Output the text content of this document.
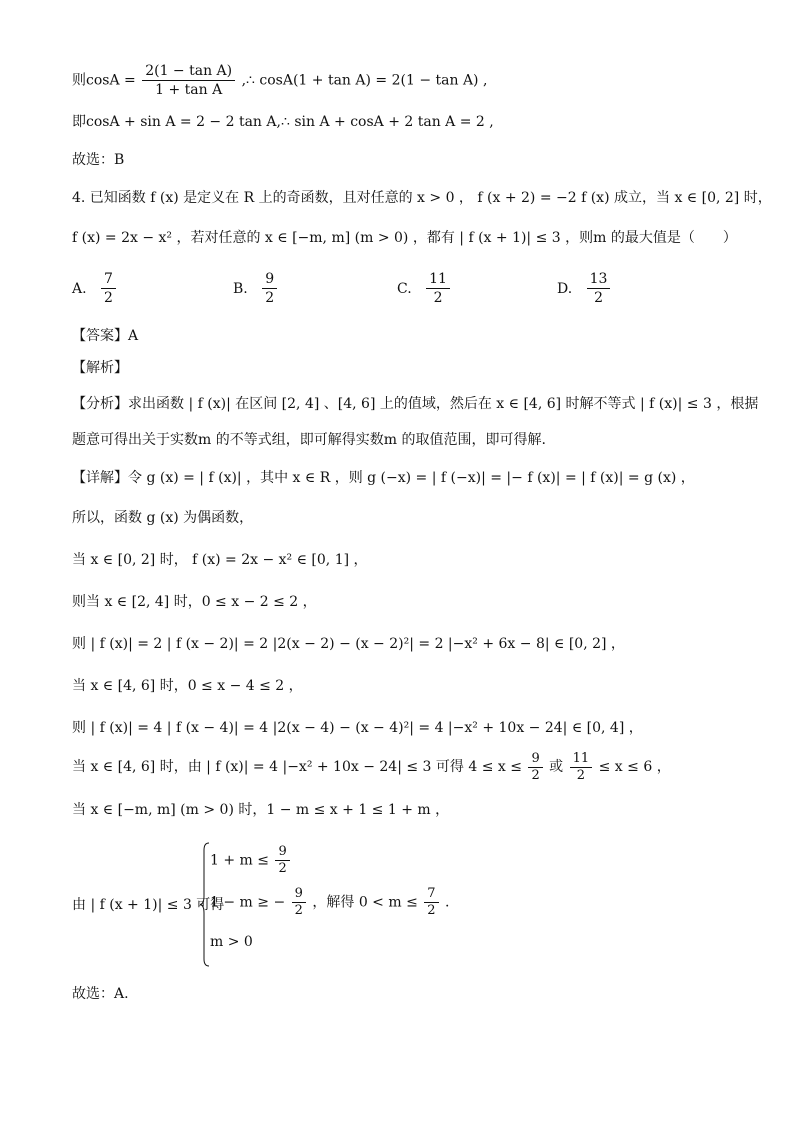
则$\cos A = \frac{\text{2(1 − tan A)}}{\text{1 + tan A}}$ ,∴ cosA(1 + tan A) = 2(1 − tan A) ,
即cosA + sin A = 2 − 2 tan A,∴ sin A + cosA + 2 tan A = 2 ,
故选：B
4. 已知函数 f (x) 是定义在 R 上的奇函数，且对任意的 x > 0 ， f (x + 2) = −2 f (x) 成立，当 x ∈ [0, 2] 时，
f (x) = 2x − x² ，若对任意的 x ∈ [−m, m] (m > 0) ，都有 | f (x + 1)| ≤ 3 ，则m 的最大值是（　　）
A. $\frac{7}{2}$	B. $\frac{9}{2}$	C. $\frac{11}{2}$	D. $\frac{13}{2}$
【答案】A
【解析】
【分析】求出函数 | f (x)| 在区间 [2, 4] 、[4, 6] 上的值域，然后在 x ∈ [4, 6] 时解不等式 | f (x)| ≤ 3 ，根据
题意可得出关于实数m 的不等式组，即可解得实数m 的取值范围，即可得解.
【详解】令 g (x) = | f (x)| ，其中 x ∈ R ，则 g (−x) = | f (−x)| = |− f (x)| = | f (x)| = g (x) ，
所以，函数 g (x) 为偶函数，
当 x ∈ [0, 2] 时， f (x) = 2x − x² ∈ [0, 1] ，
则当 x ∈ [2, 4] 时，0 ≤ x − 2 ≤ 2 ，
则 | f (x)| = 2 | f (x − 2)| = 2 |2(x − 2) − (x − 2)²| = 2 |−x² + 6x − 8| ∈ [0, 2] ，
当 x ∈ [4, 6] 时，0 ≤ x − 4 ≤ 2 ，
则 | f (x)| = 4 | f (x − 4)| = 4 |2(x − 4) − (x − 4)²| = 4 |−x² + 10x − 24| ∈ [0, 4] ，
当 x ∈ [4, 6] 时，由 | f (x)| = 4 |−x² + 10x − 24| ≤ 3 可得 $4 \le x \le \frac{9}{2}$ 或 $\frac{11}{2} \le x \le 6$ ，
当 x ∈ [−m, m] (m > 0) 时，1 − m ≤ x + 1 ≤ 1 + m ，
由 | f (x + 1)| ≤ 3 可得
$1 + m \le \frac{9}{2}$
1 − m ≥ − $\frac{9}{2}$ ，解得 $0 < m \le \frac{7}{2}$ .
m > 0
故选：A.
